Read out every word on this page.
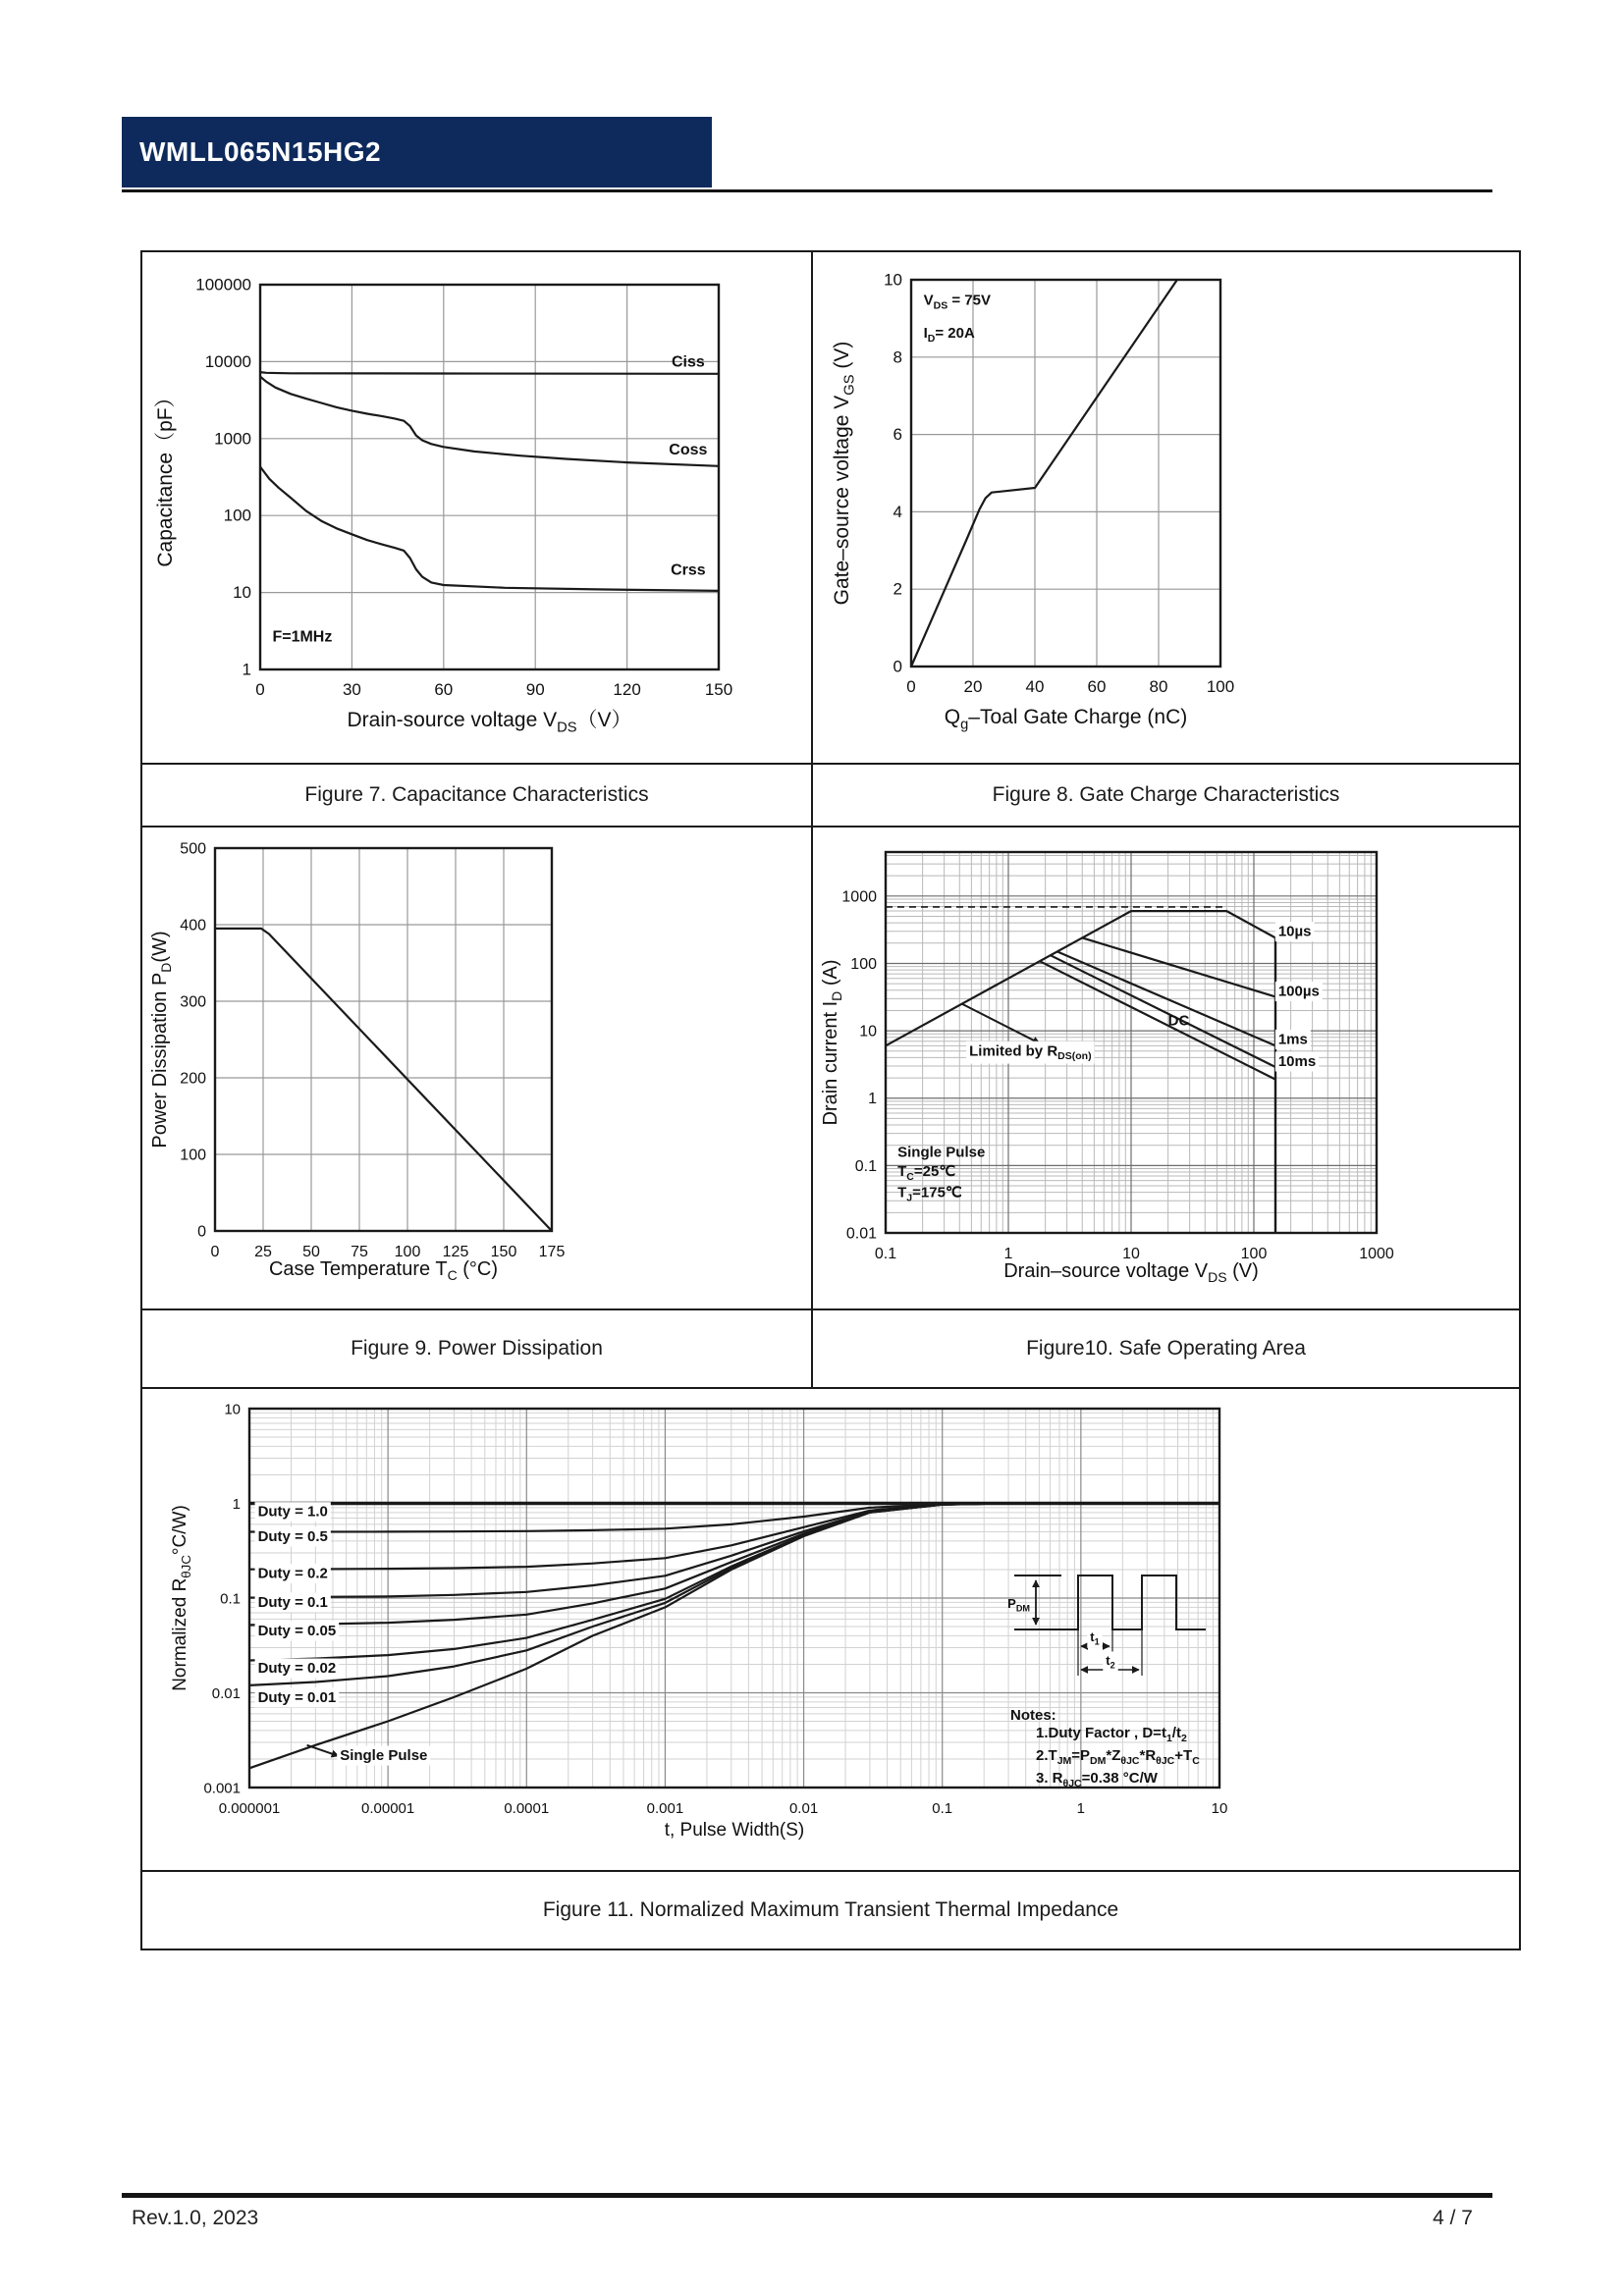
WMLL065N15HG2
Ciss
Coss
Crss
F=1MHz
0	30	60	90	120	150
1
10
100
1000
10000
100000
Drain-source voltage $V_{DS}(V)$
Capacitance（pF）
$V_{DS} = 75V$
$I_D= 20A$
0	20	40	60	80 100
0
2
4
6
8
10
$Q_g$–Toal Gate Charge (nC)
Gate–source voltage $V_{GS}$ (V)
Figure 7. Capacitance Characteristics	Figure 8. Gate Charge Characteristics
0 25 50 75 100 125 150 175
0
100
200
300
400
500
Case Temperature $T_C$ (°C)
Power Dissipation $P_D(W)$	10µs
100µs
1ms
10ms
DC
Limited by $R_{DS(on)}$
Single Pulse
$T_C=25℃$
$T_J=175℃$
0.1	1	10	100	1000
0.01
0.1
1
10
100
1000
Drain–source voltage $V_{DS}$ (V)
Drain current $I_D$ (A)
Figure 9. Power Dissipation	Figure10. Safe Operating Area
Duty = 1.0
Duty = 0.5
Duty = 0.2
Duty = 0.1
Duty = 0.05
Duty = 0.02
Duty = 0.01
Single Pulse
0.000001	0.00001	0.0001	0.001	0.01	0.1	1	10
0.001
0.01
0.1
1
10
t, Pulse Width(S)
Normalized $R_{\theta JC}^\circ C/W$)
$P_{DM}$
$t_1$
$t_2$
Notes:
1.Duty Factor , $D=t_1/t_2$
$2.T_{JM}=P_{DM}*Z_{\theta JC}*R_{\theta JC}+T_C$
3. $R_{\theta JC}=0.38$ °C/W
Figure 11. Normalized Maximum Transient Thermal Impedance
Rev.1.0, 2023	4 / 7
